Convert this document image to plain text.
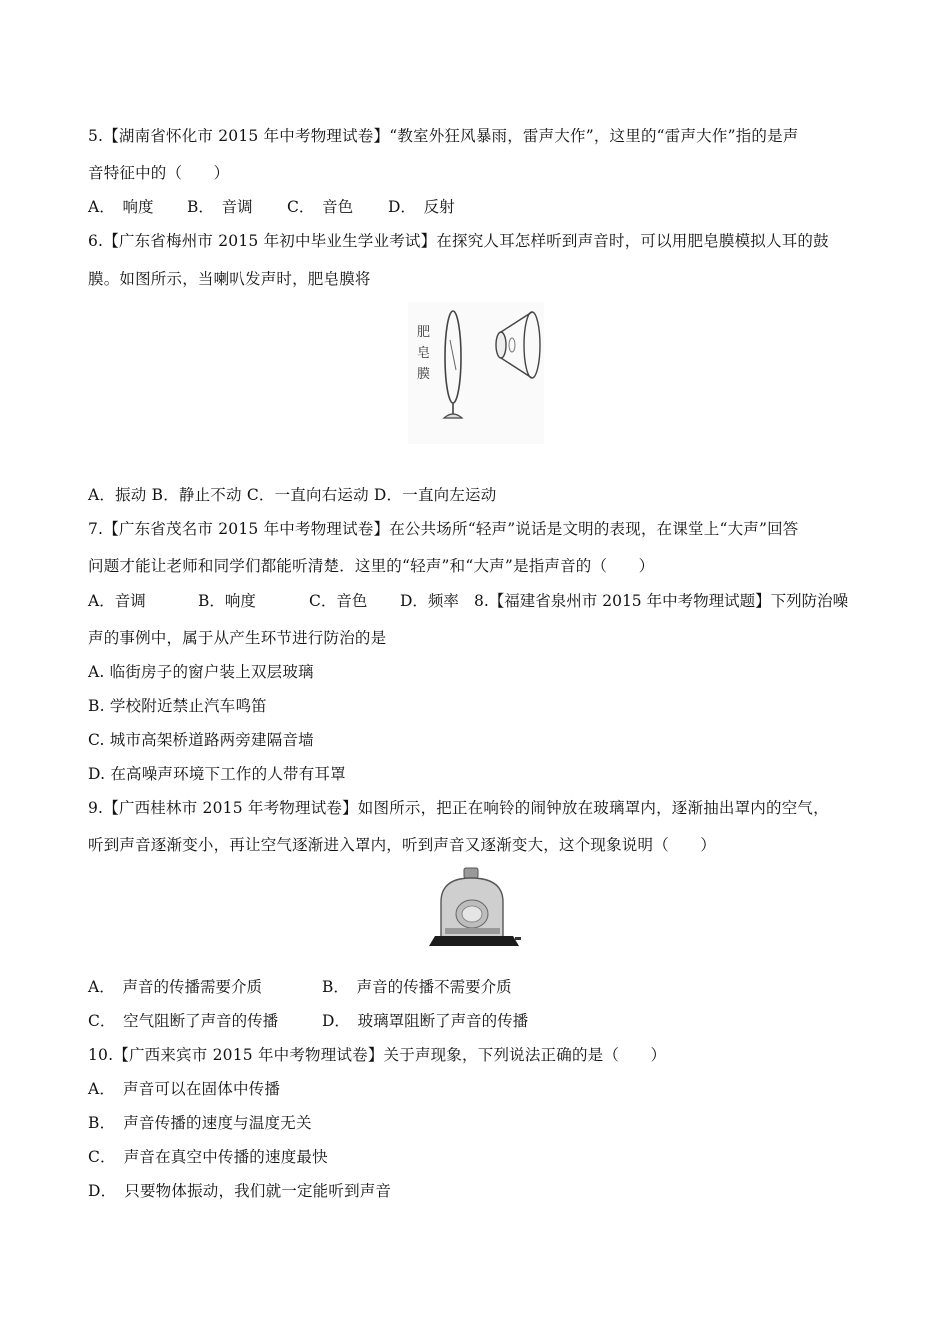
5.【湖南省怀化市 2015 年中考物理试卷】“教室外狂风暴雨，雷声大作”，这里的“雷声大作”指的是声
音特征中的（　　）
A．　响度 B．　音调 C．　音色 D．　反射
6.【广东省梅州市 2015 年初中毕业生学业考试】在探究人耳怎样听到声音时，可以用肥皂膜模拟人耳的鼓
膜。如图所示，当喇叭发声时，肥皂膜将
肥
皂
膜
A．振动 B．静止不动 C．一直向右运动 D．一直向左运动
7.【广东省茂名市 2015 年中考物理试卷】在公共场所“轻声”说话是文明的表现，在课堂上“大声”回答
问题才能让老师和同学们都能听清楚．这里的“轻声”和“大声”是指声音的（　　）
A．音调	B．响度	C．音色 D．频率 8.【福建省泉州市 2015 年中考物理试题】下列防治噪
声的事例中，属于从产生环节进行防治的是
A. 临街房子的窗户装上双层玻璃
B. 学校附近禁止汽车鸣笛
C. 城市高架桥道路两旁建隔音墙
D. 在高噪声环境下工作的人带有耳罩
9.【广西桂林市 2015 年考物理试卷】如图所示，把正在响铃的闹钟放在玻璃罩内，逐渐抽出罩内的空气，
听到声音逐渐变小，再让空气逐渐进入罩内，听到声音又逐渐变大，这个现象说明（　　）
A．　声音的传播需要介质	B．　声音的传播不需要介质
C．　空气阻断了声音的传播	D．　玻璃罩阻断了声音的传播
10.【广西来宾市 2015 年中考物理试卷】关于声现象，下列说法正确的是（　　）
A．　声音可以在固体中传播
B．　声音传播的速度与温度无关
C．　声音在真空中传播的速度最快
D．　只要物体振动，我们就一定能听到声音
